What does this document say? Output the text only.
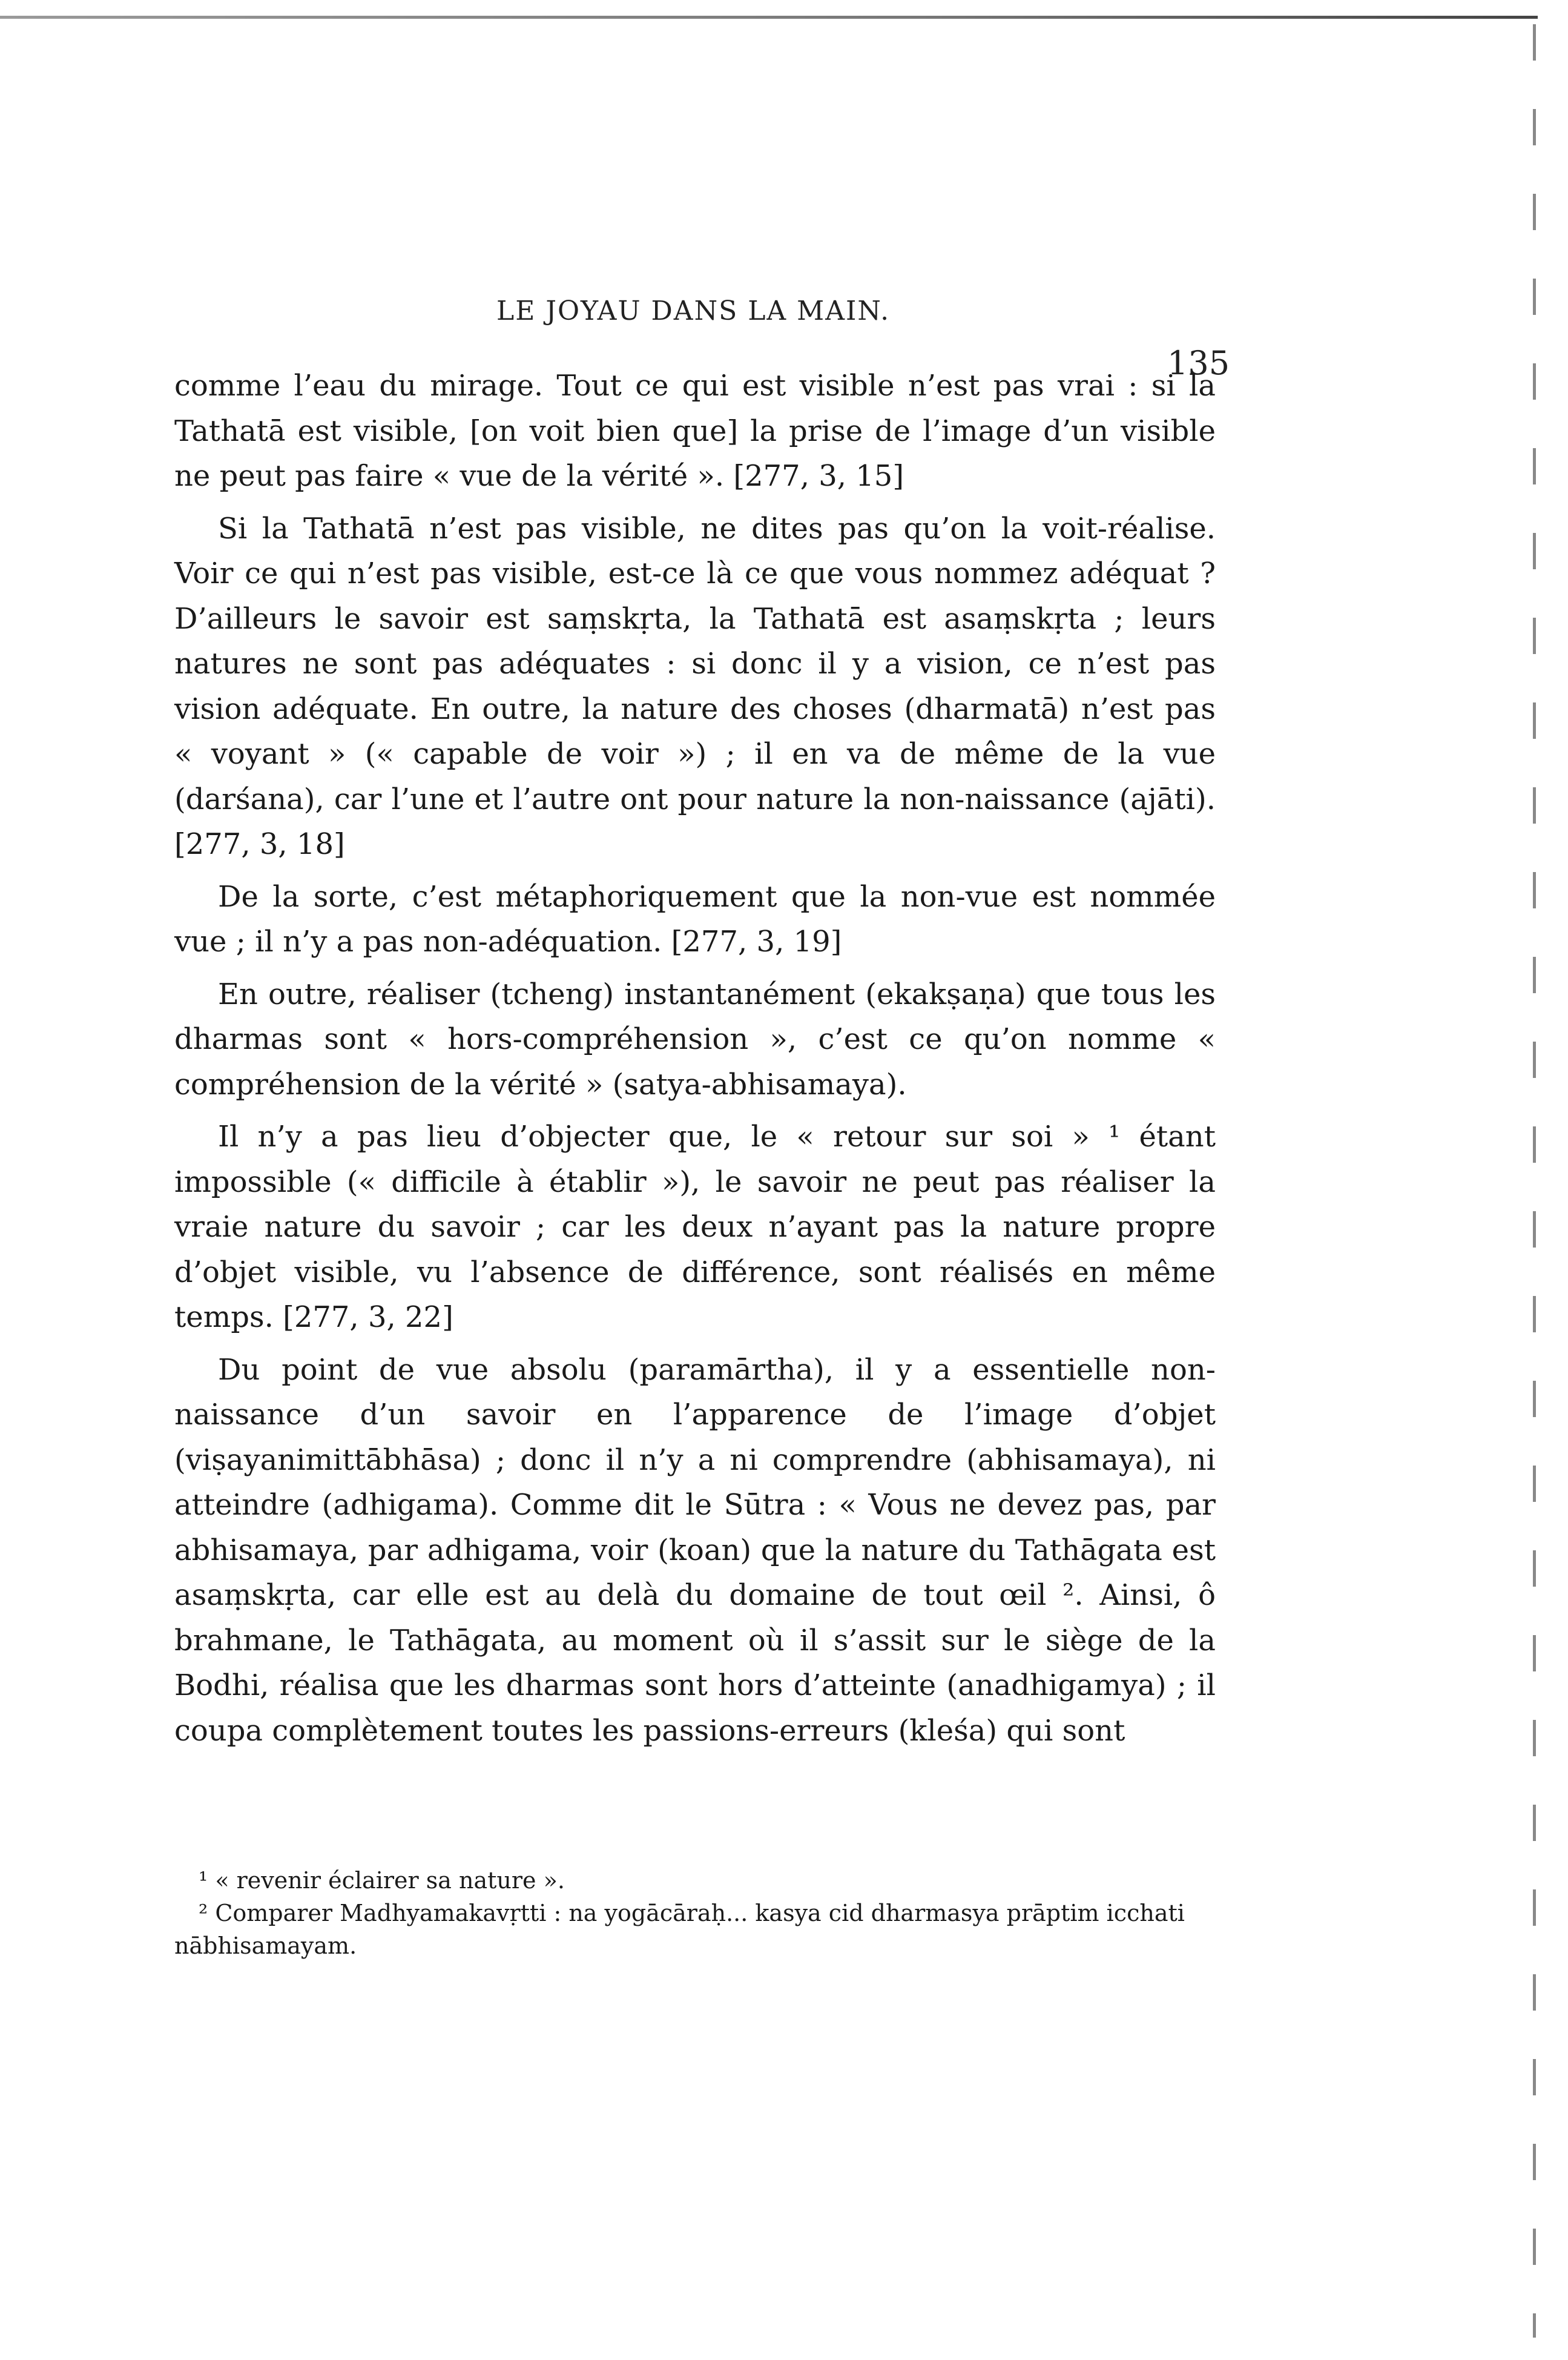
LE JOYAU DANS LA MAIN.
135

comme l’eau du mirage. Tout ce qui est visible n’est pas vrai : si la Tathatā est visible, [on voit bien que] la prise de l’image d’un visible ne peut pas faire « vue de la vérité ». [277, 3, 15]

Si la Tathatā n’est pas visible, ne dites pas qu’on la voit-réalise. Voir ce qui n’est pas visible, est-ce là ce que vous nommez adéquat ? D’ailleurs le savoir est saṃskṛta, la Tathatā est asaṃskṛta ; leurs natures ne sont pas adéquates : si donc il y a vision, ce n’est pas vision adéquate. En outre, la nature des choses (dharmatā) n’est pas « voyant » (« capable de voir ») ; il en va de même de la vue (darśana), car l’une et l’autre ont pour nature la non-naissance (ajāti). [277, 3, 18]

De la sorte, c’est métaphoriquement que la non-vue est nommée vue ; il n’y a pas non-adéquation. [277, 3, 19]

En outre, réaliser (tcheng) instantanément (ekakṣaṇa) que tous les dharmas sont « hors-compréhension », c’est ce qu’on nomme « compréhension de la vérité » (satya-abhisamaya).

Il n’y a pas lieu d’objecter que, le « retour sur soi » ¹ étant impossible (« difficile à établir »), le savoir ne peut pas réaliser la vraie nature du savoir ; car les deux n’ayant pas la nature propre d’objet visible, vu l’absence de différence, sont réalisés en même temps. [277, 3, 22]

Du point de vue absolu (paramārtha), il y a essentielle non-naissance d’un savoir en l’apparence de l’image d’objet (viṣayanimittābhāsa) ; donc il n’y a ni comprendre (abhisamaya), ni atteindre (adhigama). Comme dit le Sūtra : « Vous ne devez pas, par abhisamaya, par adhigama, voir (koan) que la nature du Tathāgata est asaṃskṛta, car elle est au delà du domaine de tout œil ². Ainsi, ô brahmane, le Tathāgata, au moment où il s’assit sur le siège de la Bodhi, réalisa que les dharmas sont hors d’atteinte (anadhigamya) ; il coupa complètement toutes les passions-erreurs (kleśa) qui sont

¹ « revenir éclairer sa nature ».

² Comparer Madhyamakavṛtti : na yogācāraḥ... kasya cid dharmasya prāptim icchati nābhisamayam.
